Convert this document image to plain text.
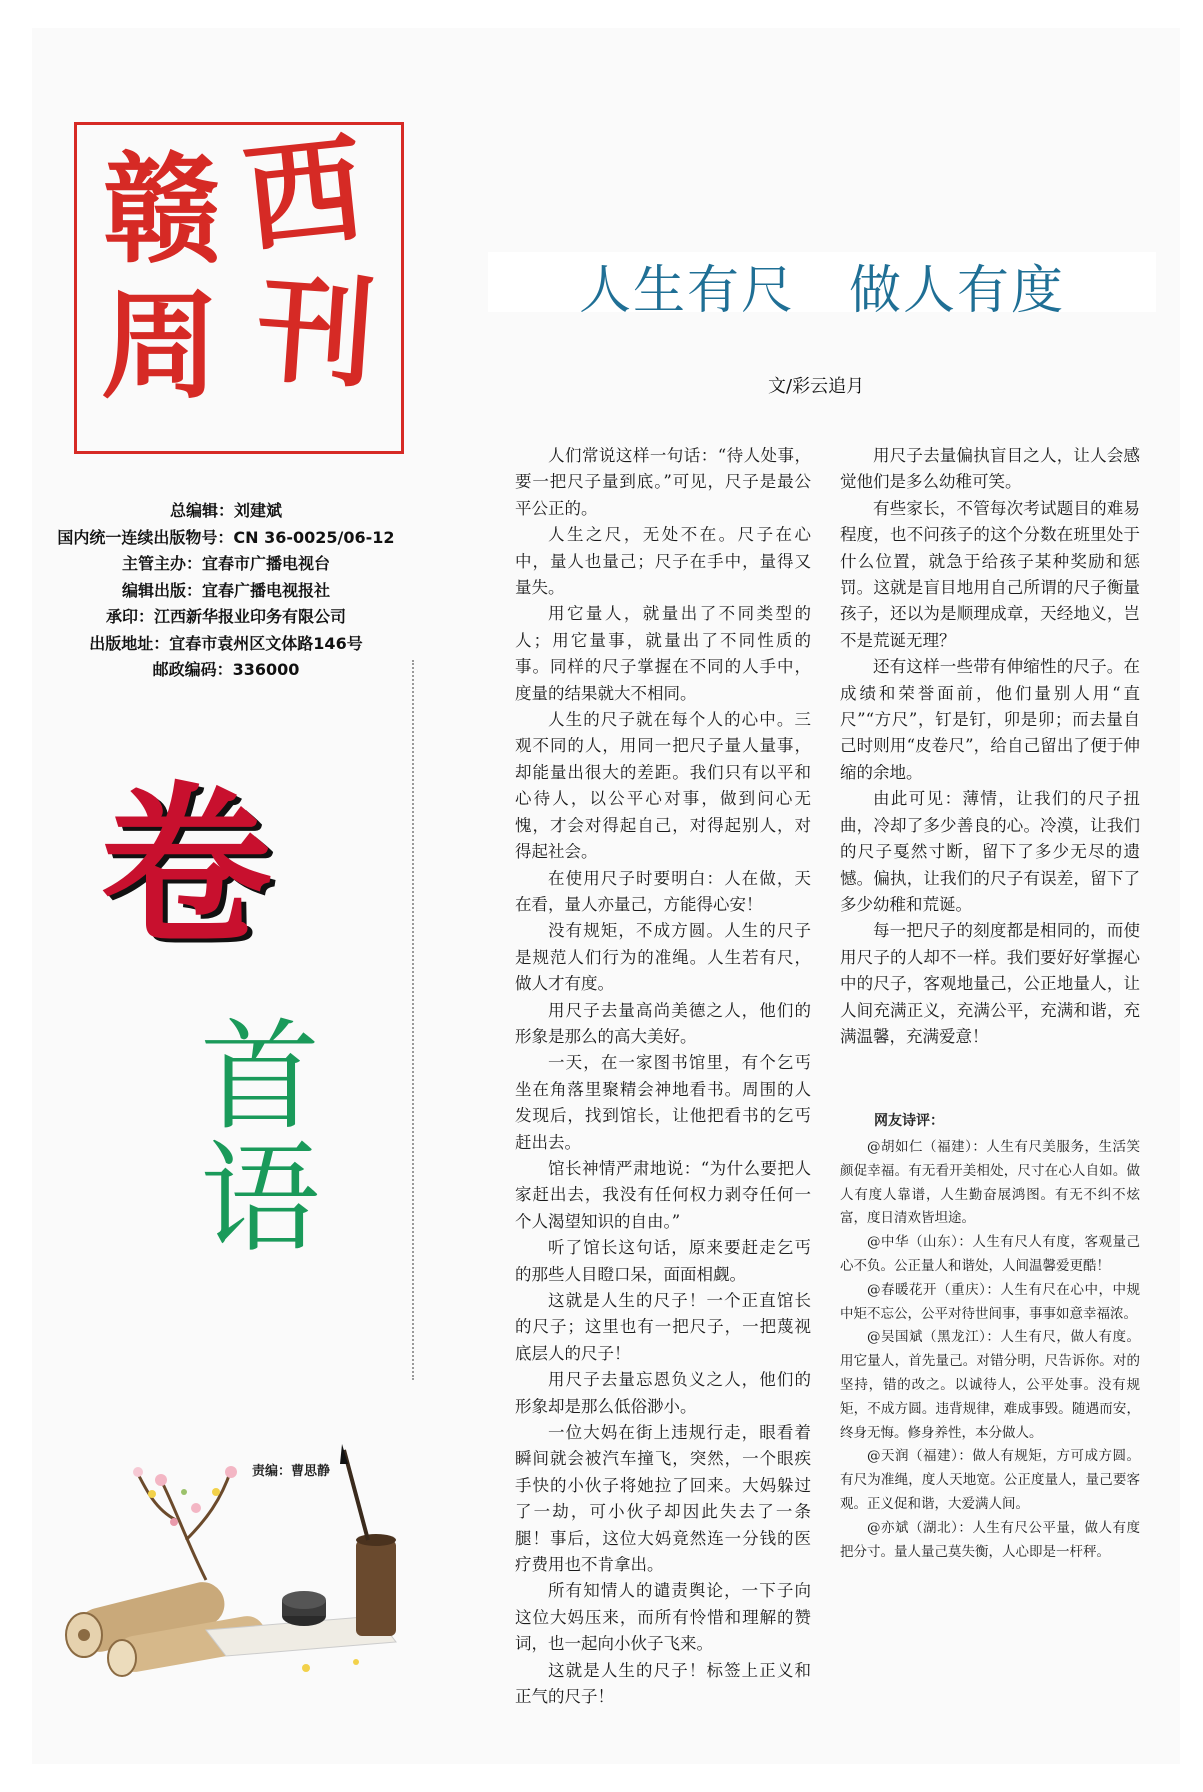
赣 西
周 刊
总编辑：刘建斌
国内统一连续出版物号：CN 36-0025/06-12
主管主办：宜春市广播电视台
编辑出版：宜春广播电视报社
承印：江西新华报业印务有限公司
出版地址：宜春市袁州区文体路146号
邮政编码：336000
卷
首
语
责编：曹思静
人生有尺　做人有度
文/彩云追月

人们常说这样一句话：“待人处事，要一把尺子量到底。”可见，尺子是最公平公正的。

人生之尺，无处不在。尺子在心中，量人也量己；尺子在手中，量得又量失。

用它量人，就量出了不同类型的人；用它量事，就量出了不同性质的事。同样的尺子掌握在不同的人手中，度量的结果就大不相同。

人生的尺子就在每个人的心中。三观不同的人，用同一把尺子量人量事，却能量出很大的差距。我们只有以平和心待人，以公平心对事，做到问心无愧，才会对得起自己，对得起别人，对得起社会。

在使用尺子时要明白：人在做，天在看，量人亦量己，方能得心安！

没有规矩，不成方圆。人生的尺子是规范人们行为的准绳。人生若有尺，做人才有度。

用尺子去量高尚美德之人，他们的形象是那么的高大美好。

一天，在一家图书馆里，有个乞丐坐在角落里聚精会神地看书。周围的人发现后，找到馆长，让他把看书的乞丐赶出去。

馆长神情严肃地说：“为什么要把人家赶出去，我没有任何权力剥夺任何一个人渴望知识的自由。”

听了馆长这句话，原来要赶走乞丐的那些人目瞪口呆，面面相觑。

这就是人生的尺子！一个正直馆长的尺子；这里也有一把尺子，一把蔑视底层人的尺子！

用尺子去量忘恩负义之人，他们的形象却是那么低俗渺小。

一位大妈在街上违规行走，眼看着瞬间就会被汽车撞飞，突然，一个眼疾手快的小伙子将她拉了回来。大妈躲过了一劫，可小伙子却因此失去了一条腿！事后，这位大妈竟然连一分钱的医疗费用也不肯拿出。

所有知情人的谴责舆论，一下子向这位大妈压来，而所有怜惜和理解的赞词，也一起向小伙子飞来。

这就是人生的尺子！标签上正义和正气的尺子！

用尺子去量偏执盲目之人，让人会感觉他们是多么幼稚可笑。

有些家长，不管每次考试题目的难易程度，也不问孩子的这个分数在班里处于什么位置，就急于给孩子某种奖励和惩罚。这就是盲目地用自己所谓的尺子衡量孩子，还以为是顺理成章，天经地义，岂不是荒诞无理？

还有这样一些带有伸缩性的尺子。在成绩和荣誉面前，他们量别人用“直尺”“方尺”，钉是钉，卯是卯；而去量自己时则用“皮卷尺”，给自己留出了便于伸缩的余地。

由此可见：薄情，让我们的尺子扭曲，冷却了多少善良的心。冷漠，让我们的尺子戛然寸断，留下了多少无尽的遗憾。偏执，让我们的尺子有误差，留下了多少幼稚和荒诞。

每一把尺子的刻度都是相同的，而使用尺子的人却不一样。我们要好好掌握心中的尺子，客观地量己，公正地量人，让人间充满正义，充满公平，充满和谐，充满温馨，充满爱意！

网友诗评：

@胡如仁（福建）：人生有尺美服务，生活笑颜促幸福。有无看开美相处，尺寸在心人自如。做人有度人靠谱，人生勤奋展鸿图。有无不纠不炫富，度日清欢皆坦途。

@中华（山东）：人生有尺人有度，客观量己心不负。公正量人和谐处，人间温馨爱更酷！

@春暖花开（重庆）：人生有尺在心中，中规中矩不忘公，公平对待世间事，事事如意幸福浓。

@吴国斌（黑龙江）：人生有尺，做人有度。用它量人，首先量己。对错分明，尺告诉你。对的坚持，错的改之。以诚待人，公平处事。没有规矩，不成方圆。违背规律，难成事毁。随遇而安，终身无悔。修身养性，本分做人。

@天润（福建）：做人有规矩，方可成方圆。有尺为准绳，度人天地宽。公正度量人，量己要客观。正义促和谐，大爱满人间。

@亦斌（湖北）：人生有尺公平量，做人有度把分寸。量人量己莫失衡，人心即是一杆秤。
